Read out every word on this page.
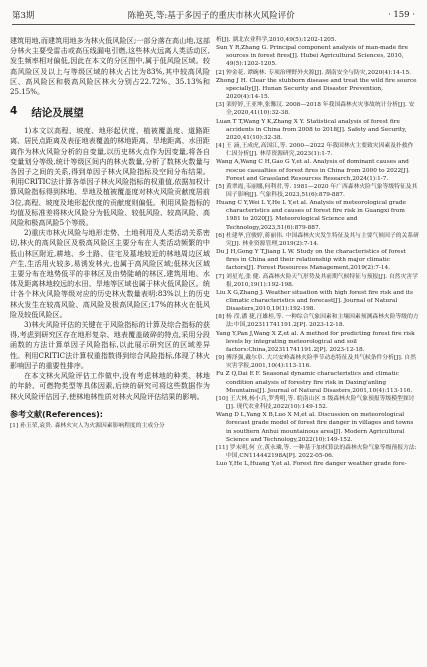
第3期	陈艳英,等:基于多因子的重庆市林火风险评价	· 159 ·

建筑用地,而建筑用地多为林火低风险区;一部分落在高山地,这部分林火主要受雷击或高压线漏电引燃,这些林火远离人类活动区,发生频率相对偏低,因此在本文的分区图中,属于低风险区域。较高风险区及以上与等级区域的林火占比为83%,其中较高风险区、高风险区和极高风险区林火分别占22.72%、35.13%和25.15%。

4 结论及展望

1)本文以高程、坡度、地形起伏度、植被覆盖度、道路距离、居民点距离及表征地表覆盖的林地距离、旱地距离、水田距离作为林火风险分析的自变量,以历史林火点作为因变量,将各自变量划分等级,统计等级区间内的林火数量,分析了数林火数量与各因子之间的关系,得到单因子林火风险指标及空间分布结果。利用CRITIC法计算各单因子林火风险指标的权重值,依据加权计算风险指标得到林地、旱地及植被覆盖度对林火风险贡献度居前3位,高程、坡度及地形起伏度的贡献度则偏低。利用风险指标的均值及标准差将林火风险分为低风险、较低风险、较高风险、高风险和极高风险5个等级。

2)重庆市林火风险与地形走势、土地利用及人类活动关系密切,林火的高风险区及极高风险区主要分布在人类活动频繁的中低山林区附近,耕地、乡土路、住宅及墓地较近的林地周边区域产生,生活用火较多,易诱发林火,也属于高风险区域;低林火区域主要分布在地势低平的非林区及由势陡峭的林区,建筑用地、水体及距离林地较远的水田、旱地等区域也属于林火低风险区。统计各个林火风险等级对应的历史林火数量表明:83%以上的历史林火发生在较高风险、高风险及极高风险区;17%的林火在低风险及较低风险区。

3)林火风险评估的关键在于风险指标的计算及综合指标的获得,考虑到研究区存在地形复杂、地表覆盖破碎的特点,采用分段函数的方法计算单因子风险指标,以此展示研究区的区域差异性。利用CRITIC法计算权重指数得到综合风险指标,体现了林火影响因子的重要性排序。

在本文林火风险评估工作做中,没有考虑林地的种类、林地的年龄、可燃物类型等具体因素,后续的研究可将这些数据作为林火风险评估因子,使林地林性质对林火风险评估结果的影响。

参考文献(References):

[1] 孙玉荣,袁贵. 森林火灾人为火源因素影响程度的主成分分

析[J]. 湖北农业科学,2010,49(5):1202-1205.

Sun Y R,Zhang G. Principal component analysis of man-made fire sources in forest fires[J]. Hubei Agricultural Sciences, 2010, 49(5):1202-1205.

[2] 钟金花. 谭碗林. 专项治理野外火源[J]. 湖南安全与防灾,2020(4):14-15.

Zhong J H. Clear the stubborn disease and treat the wild fire source specially[J]. Hunan Security and Disaster Prevention, 2020(4):14-15.

[3] 栾婷婷,王亚坤,张馨汉. 2008—2018 年我国森林火灾事故统计分析[J]. 安全,2020,41(10):32-38.

Luan T T,Wang Y K,Zhang X Y. Statistical analysis of forest fire accidents in China from 2008 to 2018[J]. Safety and Security, 2020,41(10):32-38.

[4] 王 滴,王成虎,高国江,等. 2000—2022 年我国林火主要致灾因素及扑救作仁因分析[J]. 林草资源研究,2023(1):1-7.

Wang A,Wang C H,Gao G Y,et al. Analysis of dominant causes and rescue casualties of forest fires in China from 2000 to 2022[J]. Forest and Grassland Resources Research,2024(1):1-7.

[5] 黄翠霞,韦丽娜,何利君,等. 1981—2020 年广西森林火险气象等级特征及其因子影响[J]. 气象科技,2023,51(6):879-887.

Huang C Y,Wei L Y,He L Y,et al. Analysis of meteorological grade characteristics and causes of forest fire risk in Guangxi from 1981 to 2020[J]. Meteorological Science and Technology,2023,51(6):879-887.

[6] 杜建华,宫骏婷,蒋丽伟. 中国森林火灾发生特征及其与主要气候因子的关系研究[J]. 林业资源管理,2019(2):7-14.

Du J H,Gong Y T,Jiang L W. Study on the characteristics of forest fires in China and their relationship with major climatic factors[J]. Forest Resources Management,2019(2):7-14.

[7] 刘星光,张 健. 高森林火险天气形势及其前期气候特征与预报[J]. 自然灾害学报,2010,19(1):192-198.

Liu X G,Zhang J. Weather situation with high forest fire risk and its climatic characteristics and forecast[J]. Journal of Natural Disasters,2010,19(1):192-198.

[8] 杨 滢,潘 捷,汪雄桂,等. 一种综合气象因素和主壤因素预测森林火险等级的方法:中国,202311741191.2[P]. 2023-12-18.

Yang Y,Pan J,Wang X Z,et al. A method for predicting forest fire risk levels by integrating meteorological and soil factors:China,202311741191.2[P]. 2023-12-18.

[9] 傅泽强,戴尔阜. 大兴安岭森林火险季节动态特征及其气候条件分析[J]. 自然灾害学报,2001,10(4):113-116.

Fu Z Q,Dai E F. Seasonal dynamic characteristics and climatic condition analysis of forestry fire risk in Daxing'anling Mountains[J]. Journal of Natural Disasters,2001,10(4):113-116.

[10] 王大林,杨小兵,罗秀明,等. 皖南山区 5 级森林火险气象预报等级模型探讨[J]. 现代农业科技,2022(10):149-152.

Wang D L,Yang X B,Luo X M,et al. Discussion on meteorological forecast grade model of forest fire danger in villages and towns in southern Anhui mountainous area[J]. Modern Agricultural Science and Technology,2022(10):149-152.

[11] 罗未明,何 立,黄永璘,等. 一种基于加权算法的森林火险气象等级预报方法:中国,CN114442198A[P]. 2022-05-06.

Luo Y,He L,Huang Y,et al. Forest fire danger weather grade fore-
